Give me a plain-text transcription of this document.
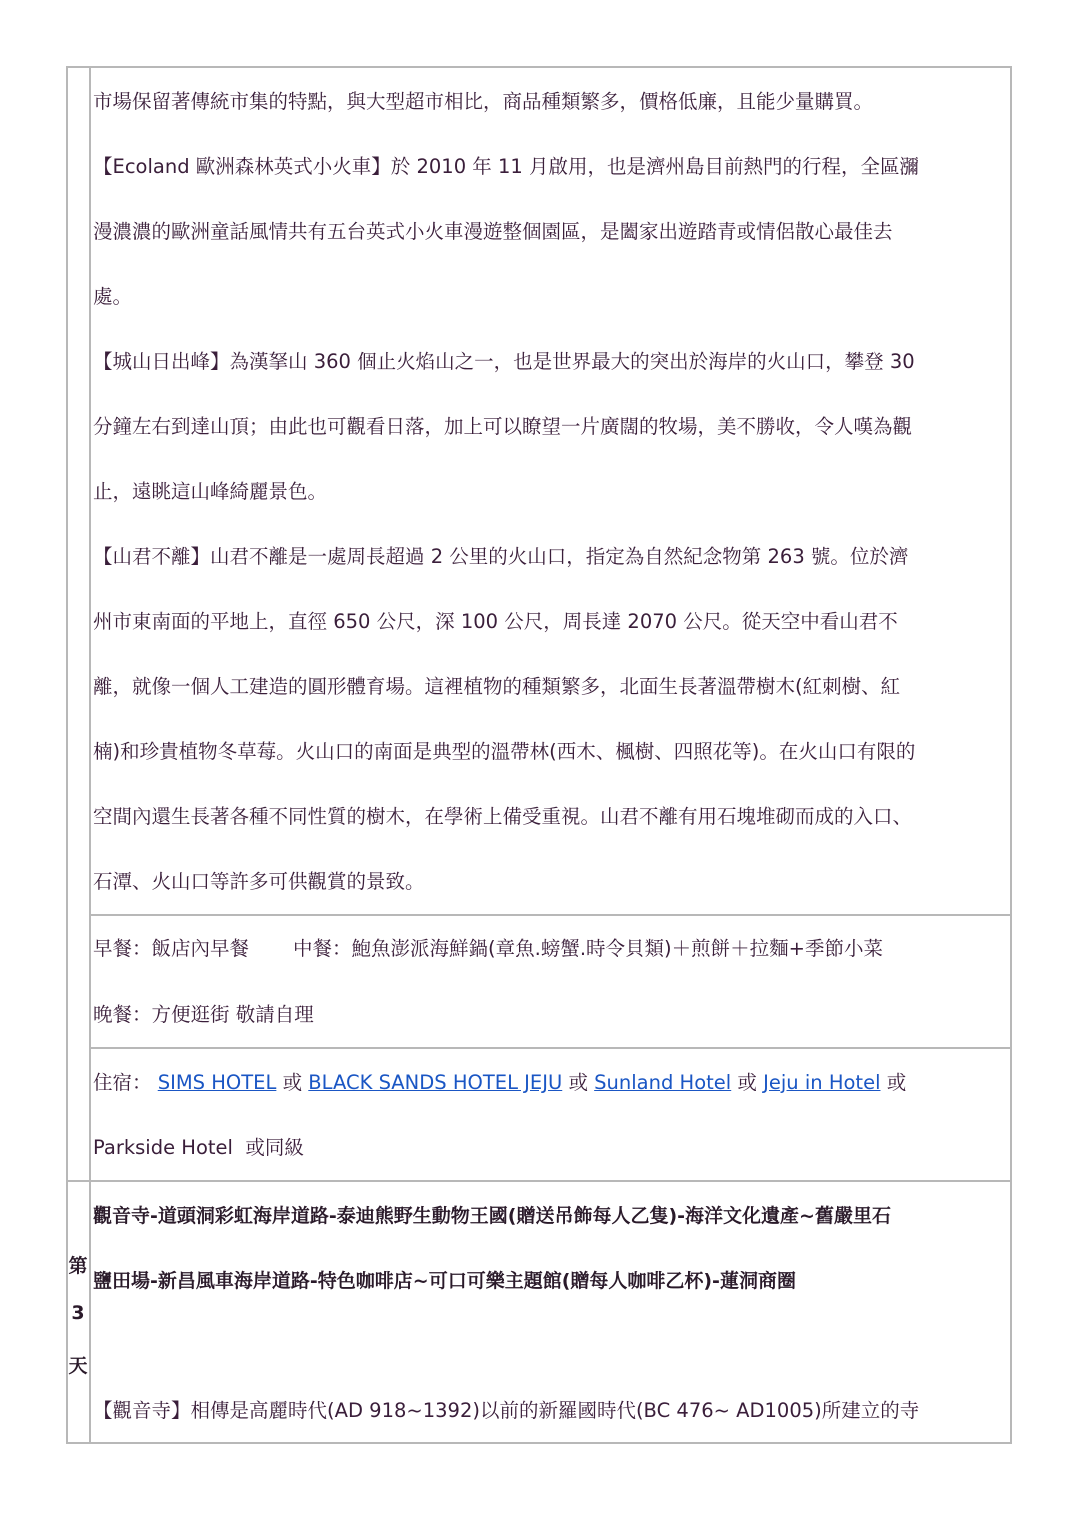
市場保留著傳統市集的特點，與大型超市相比，商品種類繁多，價格低廉，且能少量購買。
【Ecoland 歐洲森林英式小火車】於 2010 年 11 月啟用，也是濟州島目前熱門的行程，全區瀰
漫濃濃的歐洲童話風情共有五台英式小火車漫遊整個園區，是闔家出遊踏青或情侶散心最佳去
處。
【城山日出峰】為漢拏山 360 個止火焰山之一，也是世界最大的突出於海岸的火山口，攀登 30
分鐘左右到達山頂；由此也可觀看日落，加上可以瞭望一片廣闊的牧場，美不勝收，令人嘆為觀
止，遠眺這山峰綺麗景色。
【山君不離】山君不離是一處周長超過 2 公里的火山口，指定為自然紀念物第 263 號。位於濟
州市東南面的平地上，直徑 650 公尺，深 100 公尺，周長達 2070 公尺。從天空中看山君不
離，就像一個人工建造的圓形體育場。這裡植物的種類繁多，北面生長著溫帶樹木(紅刺樹、紅
楠)和珍貴植物冬草莓。火山口的南面是典型的溫帶林(西木、楓樹、四照花等)。在火山口有限的
空間內還生長著各種不同性質的樹木，在學術上備受重視。山君不離有用石塊堆砌而成的入口、
石潭、火山口等許多可供觀賞的景致。
早餐：飯店內早餐 中餐：鮑魚澎派海鮮鍋(章魚.螃蟹.時令貝類)＋煎餅＋拉麵+季節小菜
晚餐：方便逛街 敬請自理
住宿： SIMS HOTEL 或 BLACK SANDS HOTEL JEJU 或 Sunland Hotel 或 Jeju in Hotel 或
Parkside Hotel 或同級
第
3
天
觀音寺-道頭洞彩虹海岸道路-泰迪熊野生動物王國(贈送吊飾每人乙隻)-海洋文化遺產~舊嚴里石
鹽田場-新昌風車海岸道路-特色咖啡店~可口可樂主題館(贈每人咖啡乙杯)-蓮洞商圈
【觀音寺】相傳是高麗時代(AD 918~1392)以前的新羅國時代(BC 476~ AD1005)所建立的寺
